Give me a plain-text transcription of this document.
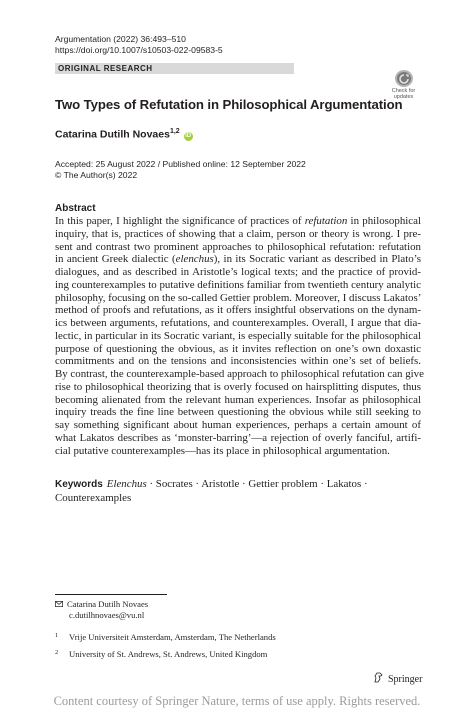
Argumentation (2022) 36:493–510
https://doi.org/10.1007/s10503-022-09583-5
ORIGINAL RESEARCH
Check for
updates
Two Types of Refutation in Philosophical Argumentation
Catarina Dutilh Novaes$^{1,2}$ iD
Accepted: 25 August 2022 / Published online: 12 September 2022
© The Author(s) 2022
Abstract
In this paper, I highlight the significance of practices of refutation in philosophical
inquiry, that is, practices of showing that a claim, person or theory is wrong. I pre-
sent and contrast two prominent approaches to philosophical refutation: refutation
in ancient Greek dialectic (elenchus), in its Socratic variant as described in Plato’s
dialogues, and as described in Aristotle’s logical texts; and the practice of provid-
ing counterexamples to putative definitions familiar from twentieth century analytic
philosophy, focusing on the so-called Gettier problem. Moreover, I discuss Lakatos’
method of proofs and refutations, as it offers insightful observations on the dynam-
ics between arguments, refutations, and counterexamples. Overall, I argue that dia-
lectic, in particular in its Socratic variant, is especially suitable for the philosophical
purpose of questioning the obvious, as it invites reflection on one’s own doxastic
commitments and on the tensions and inconsistencies within one’s set of beliefs.
By contrast, the counterexample-based approach to philosophical refutation can give
rise to philosophical theorizing that is overly focused on hairsplitting disputes, thus
becoming alienated from the relevant human experiences. Insofar as philosophical
inquiry treads the fine line between questioning the obvious while still seeking to
say something significant about human experiences, perhaps a certain amount of
what Lakatos describes as ‘monster-barring’—a rejection of overly fanciful, artifi-
cial putative counterexamples—has its place in philosophical argumentation.
Keywords Elenchus · Socrates · Aristotle · Gettier problem · Lakatos ·
Counterexamples
Catarina Dutilh Novaes
c.dutilhnovaes@vu.nl
1 Vrije Universiteit Amsterdam, Amsterdam, The Netherlands
2 University of St. Andrews, St. Andrews, United Kingdom
Springer
Content courtesy of Springer Nature, terms of use apply. Rights reserved.
